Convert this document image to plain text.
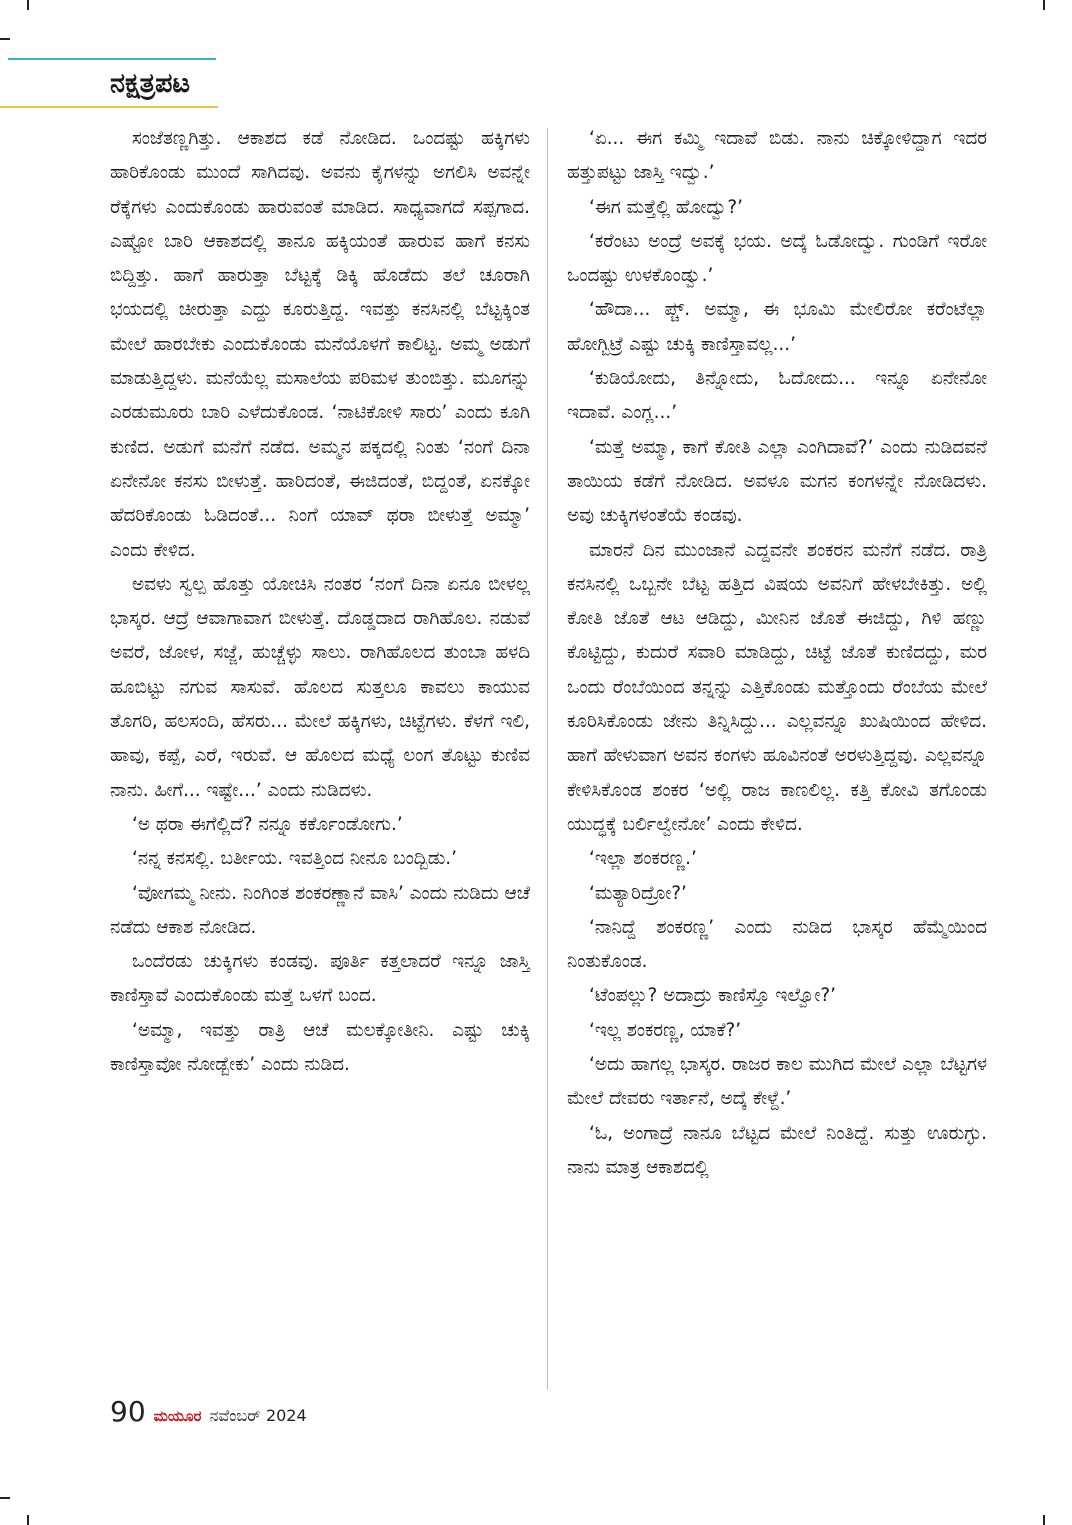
ನಕ್ಷತ್ರಪಟ

ಸಂಜೆತಣ್ಣಗಿತ್ತು. ಆಕಾಶದ ಕಡೆ ನೋಡಿದ. ಒಂದಷ್ಟು ಹಕ್ಕಿಗಳು ಹಾರಿಕೊಂಡು ಮುಂದೆ ಸಾಗಿದವು. ಅವನು ಕೈಗಳನ್ನು ಅಗಲಿಸಿ ಅವನ್ನೇ ರೆಕ್ಕೆಗಳು ಎಂದುಕೊಂಡು ಹಾರುವಂತೆ ಮಾಡಿದ. ಸಾಧ್ಯವಾಗದೆ ಸಪ್ಪಗಾದ. ಎಷ್ಟೋ ಬಾರಿ ಆಕಾಶದಲ್ಲಿ ತಾನೂ ಹಕ್ಕಿಯಂತೆ ಹಾರುವ ಹಾಗೆ ಕನಸು ಬಿದ್ದಿತ್ತು. ಹಾಗೆ ಹಾರುತ್ತಾ ಬೆಟ್ಟಕ್ಕೆ ಡಿಕ್ಕಿ ಹೊಡೆದು ತಲೆ ಚೂರಾಗಿ ಭಯದಲ್ಲಿ ಚೀರುತ್ತಾ ಎದ್ದು ಕೂರುತ್ತಿದ್ದ. ಇವತ್ತು ಕನಸಿನಲ್ಲಿ ಬೆಟ್ಟಕ್ಕಿಂತ ಮೇಲೆ ಹಾರಬೇಕು ಎಂದುಕೊಂಡು ಮನೆಯೊಳಗೆ ಕಾಲಿಟ್ಟ. ಅಮ್ಮ ಅಡುಗೆ ಮಾಡುತ್ತಿದ್ದಳು. ಮನೆಯೆಲ್ಲ ಮಸಾಲೆಯ ಪರಿಮಳ ತುಂಬಿತ್ತು. ಮೂಗನ್ನು ಎರಡುಮೂರು ಬಾರಿ ಎಳೆದುಕೊಂಡ. ‘ನಾಟಿಕೋಳಿ ಸಾರು’ ಎಂದು ಕೂಗಿ ಕುಣಿದ. ಅಡುಗೆ ಮನೆಗೆ ನಡೆದ. ಅಮ್ಮನ ಪಕ್ಕದಲ್ಲಿ ನಿಂತು ‘ನಂಗೆ ದಿನಾ ಏನೇನೋ ಕನಸು ಬೀಳುತ್ತೆ. ಹಾರಿದಂತೆ, ಈಜಿದಂತೆ, ಬಿದ್ದಂತೆ, ಏನಕ್ಕೋ ಹೆದರಿಕೊಂಡು ಓಡಿದಂತೆ... ನಿಂಗೆ ಯಾವ್ ಥರಾ ಬೀಳುತ್ತೆ ಅಮ್ಮಾ’ ಎಂದು ಕೇಳಿದ.

ಅವಳು ಸ್ವಲ್ಪ ಹೊತ್ತು ಯೋಚಿಸಿ ನಂತರ ‘ನಂಗೆ ದಿನಾ ಏನೂ ಬೀಳಲ್ಲ ಭಾಸ್ಕರ. ಆದ್ರೆ ಆವಾಗಾವಾಗ ಬೀಳುತ್ತೆ. ದೊಡ್ಡದಾದ ರಾಗಿಹೊಲ. ನಡುವೆ ಅವರೆ, ಜೋಳ, ಸಜ್ಜೆ, ಹುಚ್ಚೆಳ್ಳು ಸಾಲು. ರಾಗಿಹೊಲದ ತುಂಬಾ ಹಳದಿ ಹೂಬಿಟ್ಟು ನಗುವ ಸಾಸುವೆ. ಹೊಲದ ಸುತ್ತಲೂ ಕಾವಲು ಕಾಯುವ ತೊಗರಿ, ಹಲಸಂದಿ, ಹೆಸರು... ಮೇಲೆ ಹಕ್ಕಿಗಳು, ಚಿಟ್ಟೆಗಳು. ಕೆಳಗೆ ಇಲಿ, ಹಾವು, ಕಪ್ಪೆ, ಎರೆ, ಇರುವೆ. ಆ ಹೊಲದ ಮಧ್ಯೆ ಲಂಗ ತೊಟ್ಟು ಕುಣಿವ ನಾನು. ಹೀಗೆ... ಇಷ್ಟೇ...’ ಎಂದು ನುಡಿದಳು.

‘ಅ ಥರಾ ಈಗೆಲ್ಲಿದೆ? ನನ್ನೂ ಕರ್ಕೊಂಡೋಗು.’

‘ನನ್ನ ಕನಸಲ್ಲಿ. ಬರ್ತೀಯ. ಇವತ್ತಿಂದ ನೀನೂ ಬಂದ್ಬಿಡು.’

‘ವೋಗಮ್ಮ ನೀನು. ನಿಂಗಿಂತ ಶಂಕರಣ್ಣಾನೆ ವಾಸಿ’ ಎಂದು ನುಡಿದು ಆಚೆ ನಡೆದು ಆಕಾಶ ನೋಡಿದ.

ಒಂದೆರಡು ಚುಕ್ಕಿಗಳು ಕಂಡವು. ಪೂರ್ತಿ ಕತ್ತಲಾದರೆ ಇನ್ನೂ ಜಾಸ್ತಿ ಕಾಣಿಸ್ತಾವೆ ಎಂದುಕೊಂಡು ಮತ್ತೆ ಒಳಗೆ ಬಂದ.

‘ಅಮ್ಮಾ, ಇವತ್ತು ರಾತ್ರಿ ಆಚೆ ಮಲಕ್ಕೋತೀನಿ. ಎಷ್ಟು ಚುಕ್ಕಿ ಕಾಣಿಸ್ತಾವೋ ನೋಡ್ಬೇಕು’ ಎಂದು ನುಡಿದ.

‘ಏ... ಈಗ ಕಮ್ಮಿ ಇದಾವೆ ಬಿಡು. ನಾನು ಚಿಕ್ಕೋಳಿದ್ದಾಗ ಇದರ ಹತ್ತುಪಟ್ಟು ಜಾಸ್ತಿ ಇದ್ವು.’

‘ಈಗ ಮತ್ತೆಲ್ಲಿ ಹೋದ್ವು?’

‘ಕರೆಂಟು ಅಂದ್ರೆ ಅವಕ್ಕೆ ಭಯ. ಅದ್ಕೆ ಓಡೋದ್ವು. ಗುಂಡಿಗೆ ಇರೋ ಒಂದಷ್ಟು ಉಳಕೊಂಡ್ವು.’

‘ಹೌದಾ... ಪ್ಚ್. ಅಮ್ಮಾ, ಈ ಭೂಮಿ ಮೇಲಿರೋ ಕರೆಂಟೆಲ್ಲಾ ಹೋಗ್ಬಿಟ್ರೆ ಎಷ್ಟು ಚುಕ್ಕಿ ಕಾಣಿಸ್ತಾವಲ್ಲ...’

‘ಕುಡಿಯೋದು, ತಿನ್ನೋದು, ಓದೋದು... ಇನ್ನೂ ಏನೇನೋ ಇದಾವೆ. ಎಂಗ್ಲ...’

‘ಮತ್ತೆ ಅಮ್ಮಾ, ಕಾಗೆ ಕೋತಿ ಎಲ್ಲಾ ಎಂಗಿದಾವೆ?’ ಎಂದು ನುಡಿದವನೆ ತಾಯಿಯ ಕಡೆಗೆ ನೋಡಿದ. ಅವಳೂ ಮಗನ ಕಂಗಳನ್ನೇ ನೋಡಿದಳು. ಅವು ಚುಕ್ಕಿಗಳಂತೆಯೆ ಕಂಡವು.

ಮಾರನೆ ದಿನ ಮುಂಜಾನೆ ಎದ್ದವನೇ ಶಂಕರನ ಮನೆಗೆ ನಡೆದ. ರಾತ್ರಿ ಕನಸಿನಲ್ಲಿ ಒಬ್ಬನೇ ಬೆಟ್ಟ ಹತ್ತಿದ ವಿಷಯ ಅವನಿಗೆ ಹೇಳಬೇಕಿತ್ತು. ಅಲ್ಲಿ ಕೋತಿ ಜೊತೆ ಆಟ ಆಡಿದ್ದು, ಮೀನಿನ ಜೊತೆ ಈಜಿದ್ದು, ಗಿಳಿ ಹಣ್ಣು ಕೊಟ್ಟಿದ್ದು, ಕುದುರೆ ಸವಾರಿ ಮಾಡಿದ್ದು, ಚಿಟ್ಟೆ ಜೊತೆ ಕುಣಿದದ್ದು, ಮರ ಒಂದು ರೆಂಬೆಯಿಂದ ತನ್ನನ್ನು ಎತ್ತಿಕೊಂಡು ಮತ್ತೊಂದು ರೆಂಬೆಯ ಮೇಲೆ ಕೂರಿಸಿಕೊಂಡು ಜೇನು ತಿನ್ನಿಸಿದ್ದು... ಎಲ್ಲವನ್ನೂ ಖುಷಿಯಿಂದ ಹೇಳಿದ. ಹಾಗೆ ಹೇಳುವಾಗ ಅವನ ಕಂಗಳು ಹೂವಿನಂತೆ ಅರಳುತ್ತಿದ್ದವು. ಎಲ್ಲವನ್ನೂ ಕೇಳಿಸಿಕೊಂಡ ಶಂಕರ ‘ಅಲ್ಲಿ ರಾಜ ಕಾಣಲಿಲ್ಲ. ಕತ್ತಿ ಕೋವಿ ತಗೊಂಡು ಯುದ್ಧಕ್ಕೆ ಬರ್ಲಿಲ್ವೇನೋ’ ಎಂದು ಕೇಳಿದ.

‘ಇಲ್ಲಾ ಶಂಕರಣ್ಣ.’

‘ಮತ್ಯಾರಿದ್ರೋ?’

‘ನಾನಿದ್ದೆ ಶಂಕರಣ್ಣ’ ಎಂದು ನುಡಿದ ಭಾಸ್ಕರ ಹೆಮ್ಮೆಯಿಂದ ನಿಂತುಕೊಂಡ.

‘ಟೆಂಪಲ್ಲು? ಅದಾದ್ರು ಕಾಣಿಸ್ತೊ ಇಲ್ವೋ?’

‘ಇಲ್ಲ ಶಂಕರಣ್ಣ, ಯಾಕೆ?’

‘ಅದು ಹಾಗಲ್ಲ ಭಾಸ್ಕರ. ರಾಜರ ಕಾಲ ಮುಗಿದ ಮೇಲೆ ಎಲ್ಲಾ ಬೆಟ್ಟಗಳ ಮೇಲೆ ದೇವರು ಇರ್ತಾನೆ, ಅದ್ಕೆ ಕೇಳ್ದೆ.’

‘ಓ, ಅಂಗಾದ್ರೆ ನಾನೂ ಬೆಟ್ಟದ ಮೇಲೆ ನಿಂತಿದ್ದೆ. ಸುತ್ತು ಊರುಗ್ಳು. ನಾನು ಮಾತ್ರ ಆಕಾಶದಲ್ಲಿ

90 ಮಯೂರ ನವೆಂಬರ್ 2024
